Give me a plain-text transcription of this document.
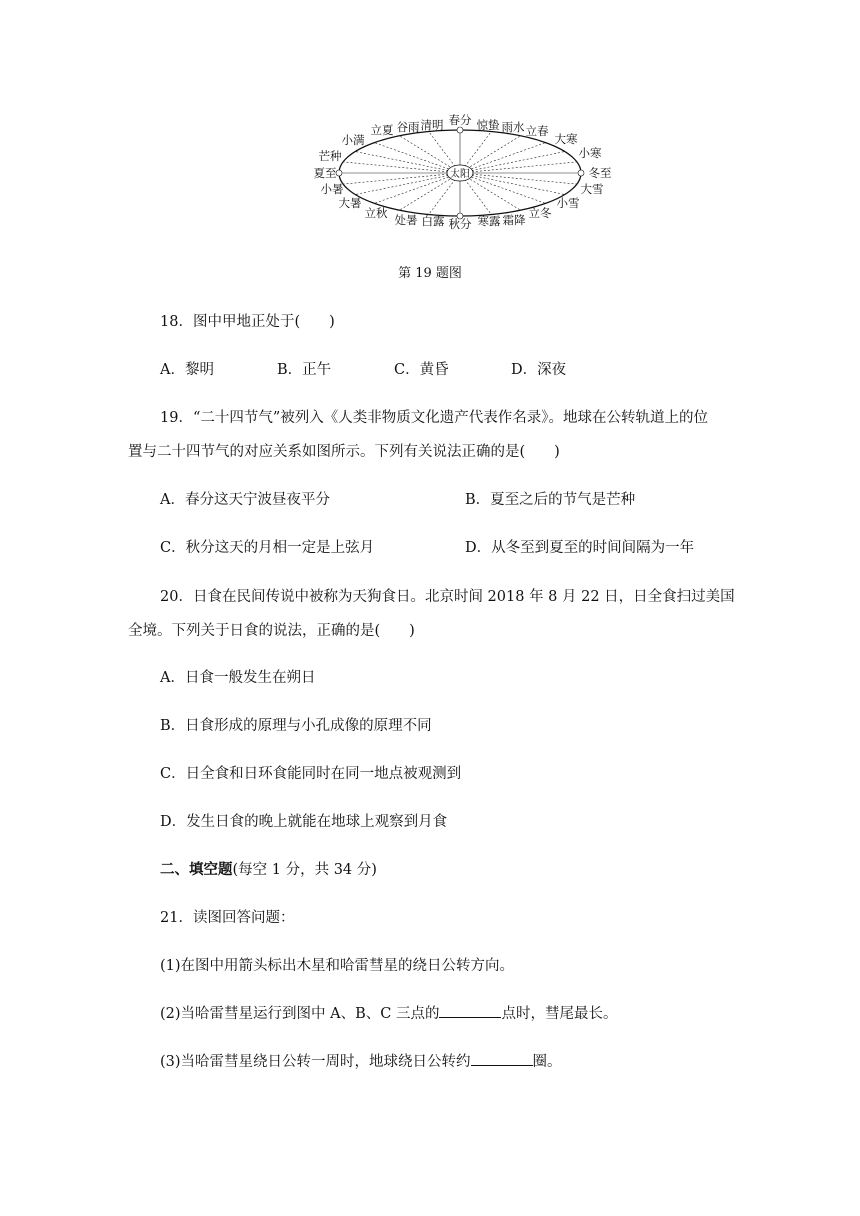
太阳
小满
立夏 谷雨 清明 春分 惊蛰 雨水 立春
大寒
芒种
夏至
小暑
大暑
小寒
冬至
大雪
立秋 处暑 白露 秋分 寒露 霜降 立冬
小雪
第 19 题图
18．图中甲地正处于(　　)
A．黎明	B．正午	C．黄昏	D．深夜
19．“二十四节气”被列入《人类非物质文化遗产代表作名录》。地球在公转轨道上的位
置与二十四节气的对应关系如图所示。下列有关说法正确的是(　　)
A．春分这天宁波昼夜平分	B．夏至之后的节气是芒种
C．秋分这天的月相一定是上弦月	D．从冬至到夏至的时间间隔为一年
20．日食在民间传说中被称为天狗食日。北京时间 2018 年 8 月 22 日，日全食扫过美国
全境。下列关于日食的说法，正确的是(　　)
A．日食一般发生在朔日
B．日食形成的原理与小孔成像的原理不同
C．日全食和日环食能同时在同一地点被观测到
D．发生日食的晚上就能在地球上观察到月食
二、填空题(每空 1 分，共 34 分)
21．读图回答问题：
(1)在图中用箭头标出木星和哈雷彗星的绕日公转方向。
(2)当哈雷彗星运行到图中 A、B、C 三点的	点时，彗尾最长。
(3)当哈雷彗星绕日公转一周时，地球绕日公转约	圈。
